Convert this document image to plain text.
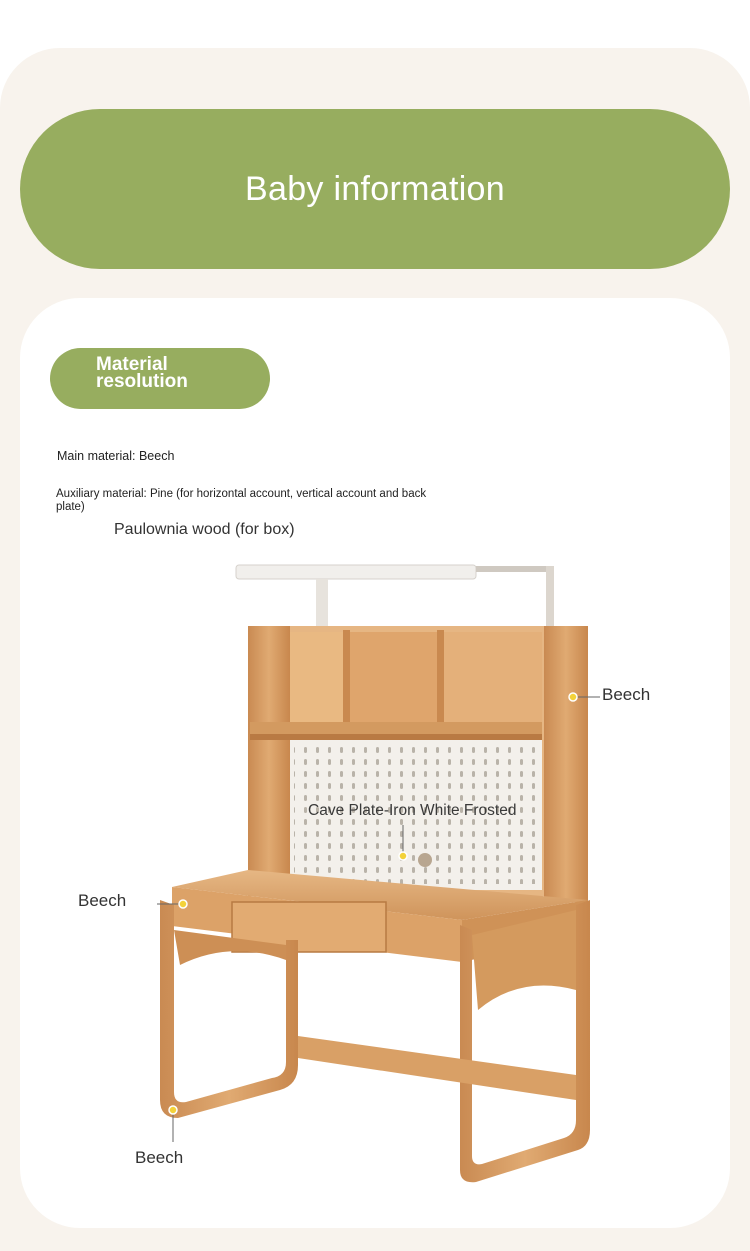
Baby information
Material resolution
Main material: Beech
Auxiliary material: Pine (for horizontal account, vertical account and back plate)
Paulownia wood (for box)
Beech
Beech
Beech
Cave Plate-Iron White Frosted
